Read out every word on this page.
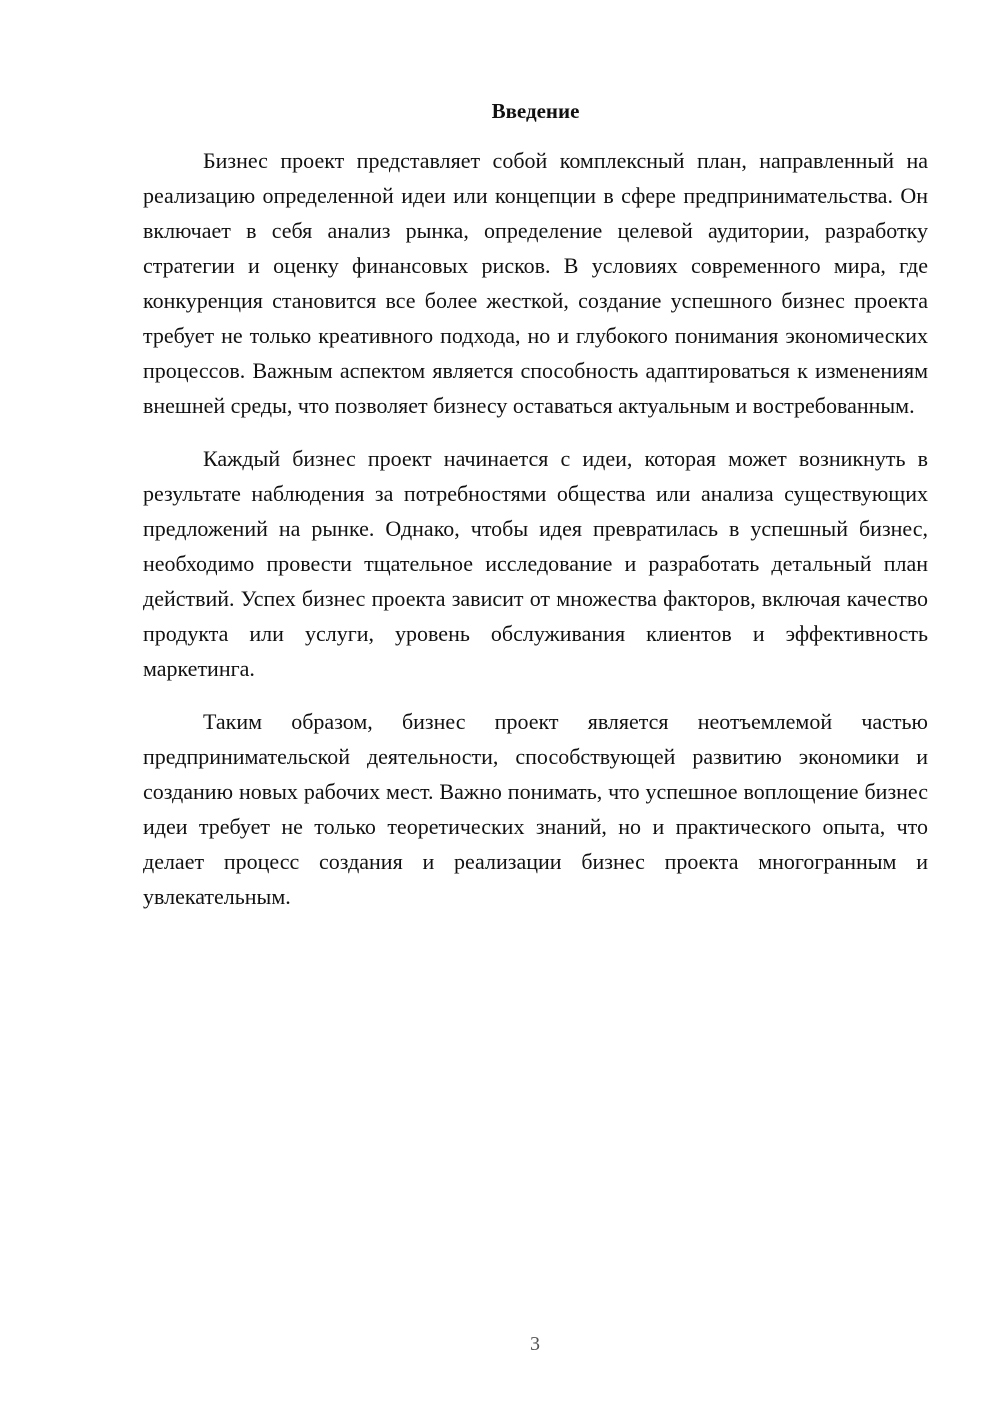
Введение

Бизнес проект представляет собой комплексный план, направленный на реализацию определенной идеи или концепции в сфере предпринимательства. Он включает в себя анализ рынка, определение целевой аудитории, разработку стратегии и оценку финансовых рисков. В условиях современного мира, где конкуренция становится все более жесткой, создание успешного бизнес проекта требует не только креативного подхода, но и глубокого понимания экономических процессов. Важным аспектом является способность адаптироваться к изменениям внешней среды, что позволяет бизнесу оставаться актуальным и востребованным.

Каждый бизнес проект начинается с идеи, которая может возникнуть в результате наблюдения за потребностями общества или анализа существующих предложений на рынке. Однако, чтобы идея превратилась в успешный бизнес, необходимо провести тщательное исследование и разработать детальный план действий. Успех бизнес проекта зависит от множества факторов, включая качество продукта или услуги, уровень обслуживания клиентов и эффективность маркетинга.

Таким образом, бизнес проект является неотъемлемой частью предпринимательской деятельности, способствующей развитию экономики и созданию новых рабочих мест. Важно понимать, что успешное воплощение бизнес идеи требует не только теоретических знаний, но и практического опыта, что делает процесс создания и реализации бизнес проекта многогранным и увлекательным.

3
